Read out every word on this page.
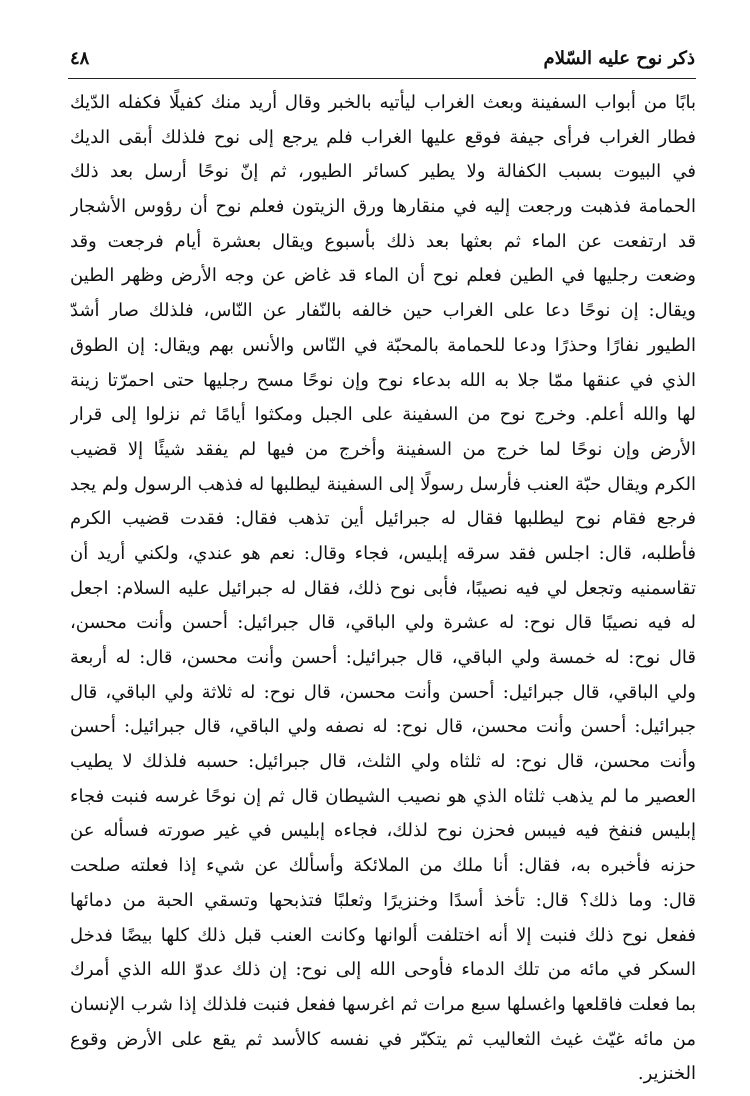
ذكر نوح عليه السّلام
٤٨
بابًا من أبواب السفينة وبعث الغراب ليأتيه بالخبر وقال أريد منك كفيلًا فكفله الدّيك
فطار الغراب فرأى جيفة فوقع عليها الغراب فلم يرجع إلى نوح فلذلك أبقى الديك
في البيوت بسبب الكفالة ولا يطير كسائر الطيور، ثم إنّ نوحًا أرسل بعد ذلك
الحمامة فذهبت ورجعت إليه في منقارها ورق الزيتون فعلم نوح أن رؤوس الأشجار
قد ارتفعت عن الماء ثم بعثها بعد ذلك بأسبوع ويقال بعشرة أيام فرجعت وقد
وضعت رجليها في الطين فعلم نوح أن الماء قد غاض عن وجه الأرض وظهر الطين
ويقال: إن نوحًا دعا على الغراب حين خالفه بالنّفار عن النّاس، فلذلك صار أشدّ
الطيور نفارًا وحذرًا ودعا للحمامة بالمحبّة في النّاس والأنس بهم ويقال: إن الطوق
الذي في عنقها ممّا جلا به الله بدعاء نوح وإن نوحًا مسح رجليها حتى احمرّتا زينة
لها والله أعلم. وخرج نوح من السفينة على الجبل ومكثوا أيامًا ثم نزلوا إلى قرار
الأرض وإن نوحًا لما خرج من السفينة وأخرج من فيها لم يفقد شيئًا إلا قضيب
الكرم ويقال حبّة العنب فأرسل رسولًا إلى السفينة ليطلبها له فذهب الرسول ولم يجد
فرجع فقام نوح ليطلبها فقال له جبرائيل أين تذهب فقال: فقدت قضيب الكرم
فأطلبه، قال: اجلس فقد سرقه إبليس، فجاء وقال: نعم هو عندي، ولكني أريد أن
تقاسمنيه وتجعل لي فيه نصيبًا، فأبى نوح ذلك، فقال له جبرائيل عليه السلام: اجعل
له فيه نصيبًا قال نوح: له عشرة ولي الباقي، قال جبرائيل: أحسن وأنت محسن،
قال نوح: له خمسة ولي الباقي، قال جبرائيل: أحسن وأنت محسن، قال: له أربعة
ولي الباقي، قال جبرائيل: أحسن وأنت محسن، قال نوح: له ثلاثة ولي الباقي، قال
جبرائيل: أحسن وأنت محسن، قال نوح: له نصفه ولي الباقي، قال جبرائيل: أحسن
وأنت محسن، قال نوح: له ثلثاه ولي الثلث، قال جبرائيل: حسبه فلذلك لا يطيب
العصير ما لم يذهب ثلثاه الذي هو نصيب الشيطان قال ثم إن نوحًا غرسه فنبت فجاء
إبليس فنفخ فيه فيبس فحزن نوح لذلك، فجاءه إبليس في غير صورته فسأله عن
حزنه فأخبره به، فقال: أنا ملك من الملائكة وأسألك عن شيء إذا فعلته صلحت
قال: وما ذلك؟ قال: تأخذ أسدًا وخنزيرًا وثعلبًا فتذبحها وتسقي الحبة من دمائها
ففعل نوح ذلك فنبت إلا أنه اختلفت ألوانها وكانت العنب قبل ذلك كلها بيضًا فدخل
السكر في مائه من تلك الدماء فأوحى الله إلى نوح: إن ذلك عدوّ الله الذي أمرك
بما فعلت فاقلعها واغسلها سبع مرات ثم اغرسها ففعل فنبت فلذلك إذا شرب الإنسان
من مائه غيّث غيث الثعاليب ثم يتكبّر في نفسه كالأسد ثم يقع على الأرض وقوع
الخنزير.
